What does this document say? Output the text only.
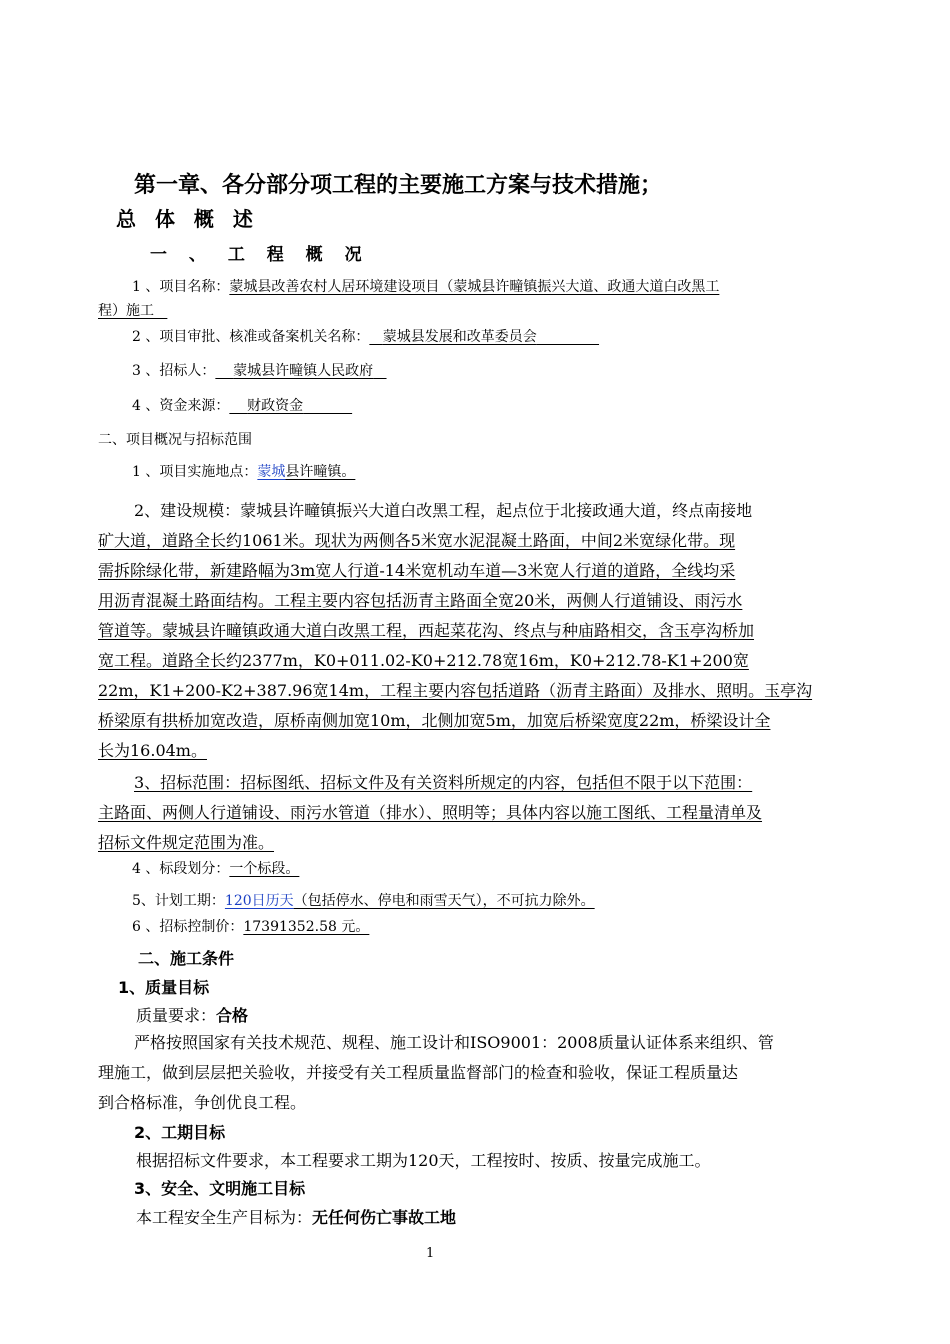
第一章、各分部分项工程的主要施工方案与技术措施；
总 体 概 述
一 、 工 程 概 况
1 、项目名称：蒙城县改善农村人居环境建设项目（蒙城县许疃镇振兴大道、政通大道白改黑工
程）施工
2 、项目审批、核准或备案机关名称： 蒙城县发展和改革委员会
3 、招标人： 蒙城县许疃镇人民政府
4 、资金来源： 财政资金
二、项目概况与招标范围
1 、项目实施地点：蒙城县许疃镇。
2、建设规模：蒙城县许疃镇振兴大道白改黑工程，起点位于北接政通大道，终点南接地
矿大道，道路全长约1061米。现状为两侧各5米宽水泥混凝土路面，中间2米宽绿化带。现
需拆除绿化带，新建路幅为3m宽人行道-14米宽机动车道—3米宽人行道的道路，全线均采
用沥青混凝土路面结构。工程主要内容包括沥青主路面全宽20米，两侧人行道铺设、雨污水
管道等。蒙城县许疃镇政通大道白改黑工程，西起菜花沟、终点与种庙路相交，含玉亭沟桥加
宽工程。道路全长约2377m，K0+011.02-K0+212.78宽16m，K0+212.78-K1+200宽
22m，K1+200-K2+387.96宽14m，工程主要内容包括道路（沥青主路面）及排水、照明。玉亭沟
桥梁原有拱桥加宽改造，原桥南侧加宽10m，北侧加宽5m，加宽后桥梁宽度22m，桥梁设计全
长为16.04m。
3、招标范围：招标图纸、招标文件及有关资料所规定的内容，包括但不限于以下范围：
主路面、两侧人行道铺设、雨污水管道（排水）、照明等；具体内容以施工图纸、工程量清单及
招标文件规定范围为准。
4 、标段划分：一个标段。
5、计划工期：120日历天（包括停水、停电和雨雪天气），不可抗力除外。
6 、招标控制价：17391352.58 元。
二、施工条件
1、质量目标
质量要求：合格
严格按照国家有关技术规范、规程、施工设计和ISO9001：2008质量认证体系来组织、管
理施工，做到层层把关验收，并接受有关工程质量监督部门的检查和验收，保证工程质量达
到合格标准，争创优良工程。
2、工期目标
根据招标文件要求，本工程要求工期为120天，工程按时、按质、按量完成施工。
3、安全、文明施工目标
本工程安全生产目标为：无任何伤亡事故工地
1
